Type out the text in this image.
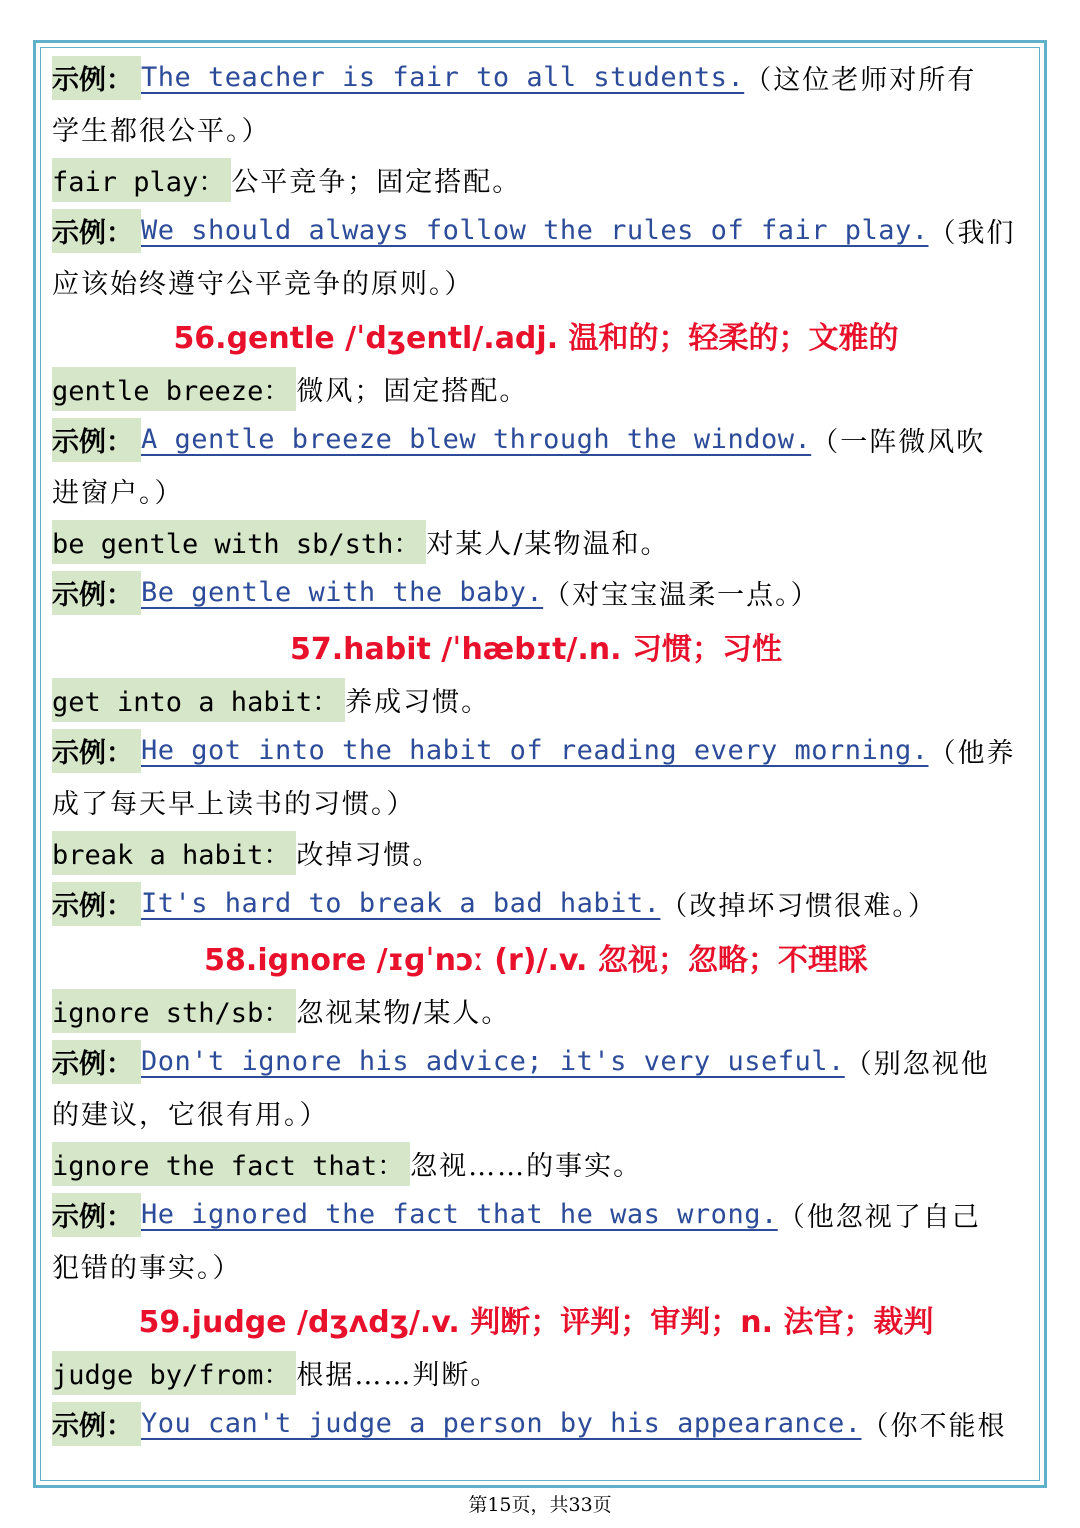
示例： The teacher is fair to all students. （这位老师对所有
学生都很公平。）
fair play： 公平竞争；固定搭配。
示例： We should always follow the rules of fair play. （我们
应该始终遵守公平竞争的原则。）
56.gentle /ˈdʒentl/.adj. 温和的；轻柔的；文雅的
gentle breeze： 微风；固定搭配。
示例： A gentle breeze blew through the window. （一阵微风吹
进窗户。）
be gentle with sb/sth： 对某人/某物温和。
示例： Be gentle with the baby. （对宝宝温柔一点。）
57.habit /ˈhæbɪt/.n. 习惯；习性
get into a habit： 养成习惯。
示例： He got into the habit of reading every morning. （他养
成了每天早上读书的习惯。）
break a habit： 改掉习惯。
示例： It's hard to break a bad habit. （改掉坏习惯很难。）
58.ignore /ɪɡˈnɔː (r)/.v. 忽视；忽略；不理睬
ignore sth/sb： 忽视某物/某人。
示例： Don't ignore his advice; it's very useful. （别忽视他
的建议，它很有用。）
ignore the fact that： 忽视……的事实。
示例： He ignored the fact that he was wrong. （他忽视了自己
犯错的事实。）
59.judge /dʒʌdʒ/.v. 判断；评判；审判；n. 法官；裁判
judge by/from： 根据……判断。
示例： You can't judge a person by his appearance. （你不能根
第15页，共33页
